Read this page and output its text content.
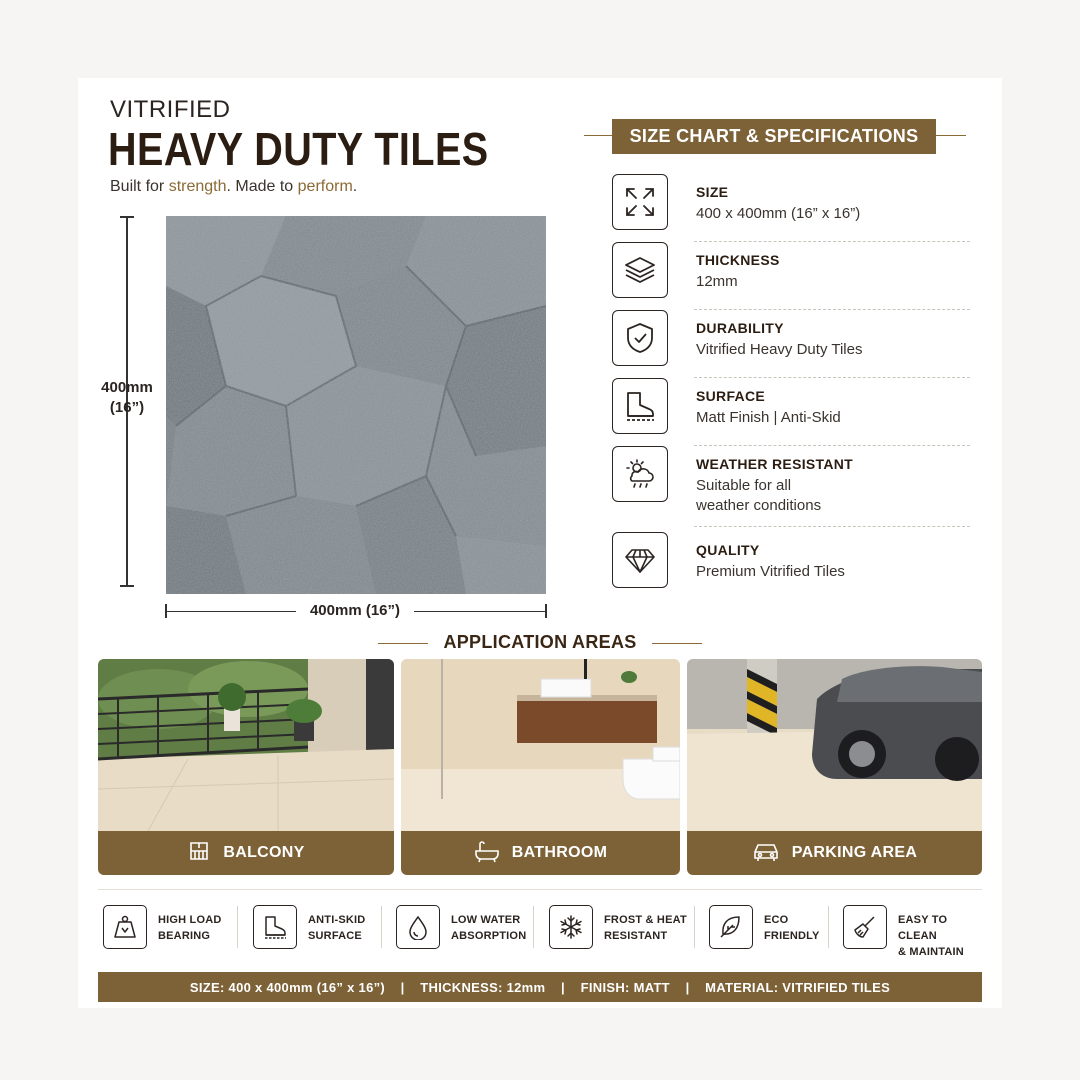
VITRIFIED
HEAVY DUTY TILES
Built for strength. Made to perform.
400mm
(16”)
400mm (16”)
SIZE CHART & SPECIFICATIONS
SIZE
400 x 400mm (16” x 16”)
THICKNESS
12mm
DURABILITY
Vitrified Heavy Duty Tiles
SURFACE
Matt Finish | Anti-Skid
WEATHER RESISTANT
Suitable for all
weather conditions
QUALITY
Premium Vitrified Tiles
APPLICATION AREAS
BALCONY	BATHROOM	PARKING AREA
HIGH LOAD
BEARING
ANTI-SKID
SURFACE
LOW WATER
ABSORPTION
FROST & HEAT
RESISTANT
ECO
FRIENDLY
EASY TO CLEAN
& MAINTAIN
SIZE: 400 x 400mm (16” x 16”)    |    THICKNESS: 12mm    |    FINISH: MATT    |    MATERIAL: VITRIFIED TILES
